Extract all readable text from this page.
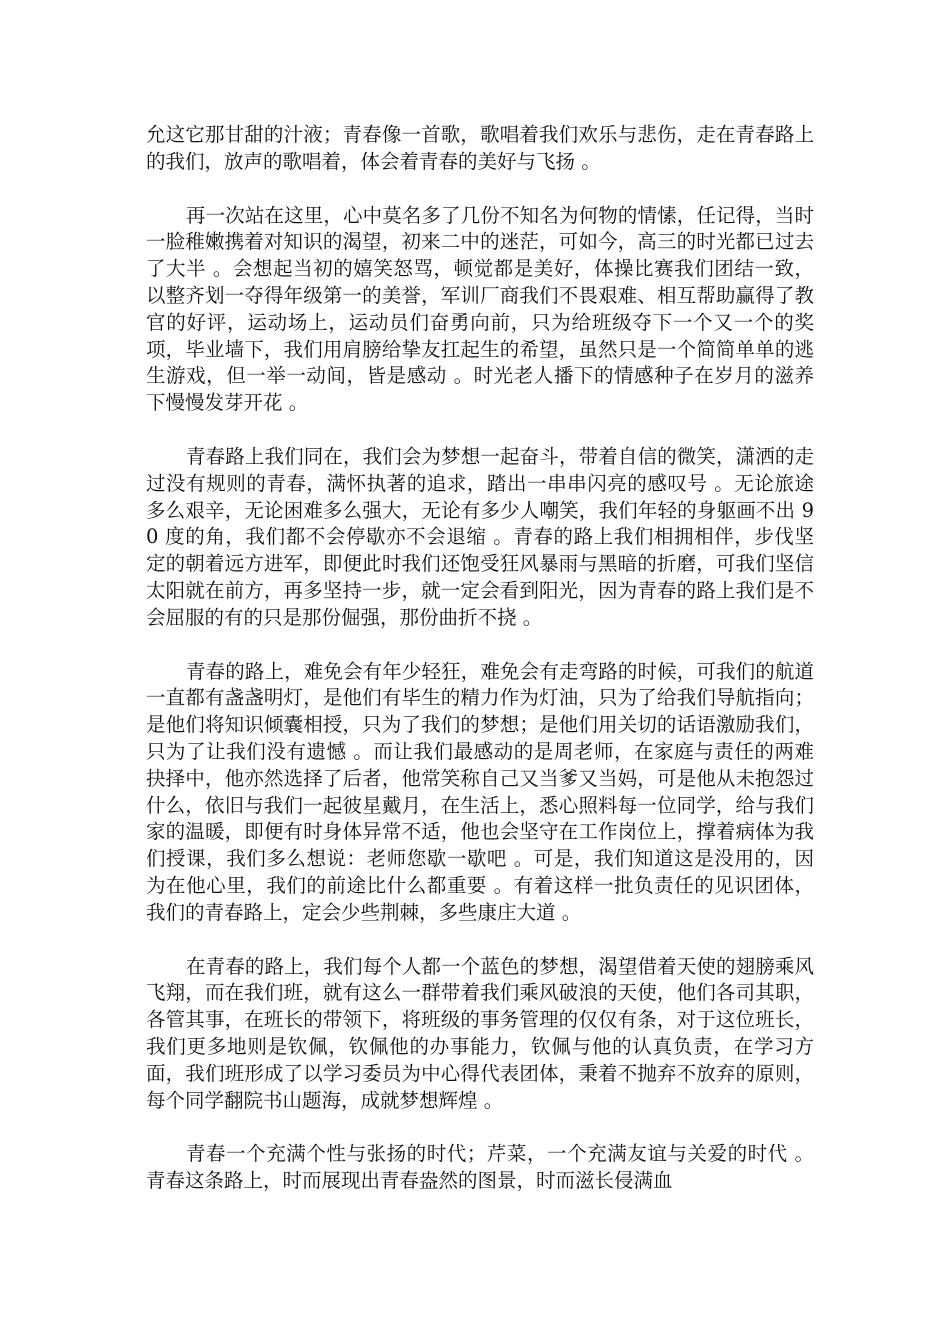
允这它那甘甜的汁液；青春像一首歌，歌唱着我们欢乐与悲伤，走在青春路上的我们，放声的歌唱着，体会着青春的美好与飞扬 。

再一次站在这里，心中莫名多了几份不知名为何物的情愫，任记得，当时一脸稚嫩携着对知识的渴望，初来二中的迷茫，可如今，高三的时光都已过去了大半 。会想起当初的嬉笑怒骂，顿觉都是美好，体操比赛我们团结一致，以整齐划一夺得年级第一的美誉，军训厂商我们不畏艰难、相互帮助赢得了教官的好评，运动场上，运动员们奋勇向前，只为给班级夺下一个又一个的奖项，毕业墙下，我们用肩膀给挚友扛起生的希望，虽然只是一个简简单单的逃生游戏，但一举一动间，皆是感动 。时光老人播下的情感种子在岁月的滋养下慢慢发芽开花 。

青春路上我们同在，我们会为梦想一起奋斗，带着自信的微笑，潇洒的走过没有规则的青春，满怀执著的追求，踏出一串串闪亮的感叹号 。无论旅途多么艰辛，无论困难多么强大，无论有多少人嘲笑，我们年轻的身躯画不出 90 度的角，我们都不会停歇亦不会退缩 。青春的路上我们相拥相伴，步伐坚定的朝着远方进军，即便此时我们还饱受狂风暴雨与黑暗的折磨，可我们坚信太阳就在前方，再多坚持一步，就一定会看到阳光，因为青春的路上我们是不会屈服的有的只是那份倔强，那份曲折不挠 。

青春的路上，难免会有年少轻狂，难免会有走弯路的时候，可我们的航道一直都有盏盏明灯，是他们有毕生的精力作为灯油，只为了给我们导航指向；是他们将知识倾囊相授，只为了我们的梦想；是他们用关切的话语激励我们，只为了让我们没有遗憾 。而让我们最感动的是周老师，在家庭与责任的两难抉择中，他亦然选择了后者，他常笑称自己又当爹又当妈，可是他从未抱怨过什么，依旧与我们一起彼星戴月，在生活上，悉心照料每一位同学，给与我们家的温暖，即便有时身体异常不适，他也会坚守在工作岗位上，撑着病体为我们授课，我们多么想说：老师您歇一歇吧 。可是，我们知道这是没用的，因为在他心里，我们的前途比什么都重要 。有着这样一批负责任的见识团体，我们的青春路上，定会少些荆棘，多些康庄大道 。

在青春的路上，我们每个人都一个蓝色的梦想，渴望借着天使的翅膀乘风飞翔，而在我们班，就有这么一群带着我们乘风破浪的天使，他们各司其职，各管其事，在班长的带领下，将班级的事务管理的仅仅有条，对于这位班长，我们更多地则是钦佩，钦佩他的办事能力，钦佩与他的认真负责，在学习方面，我们班形成了以学习委员为中心得代表团体，秉着不抛弃不放弃的原则，每个同学翻院书山题海，成就梦想辉煌 。

青春一个充满个性与张扬的时代；芹菜，一个充满友谊与关爱的时代 。青春这条路上，时而展现出青春盎然的图景，时而滋长侵满血
